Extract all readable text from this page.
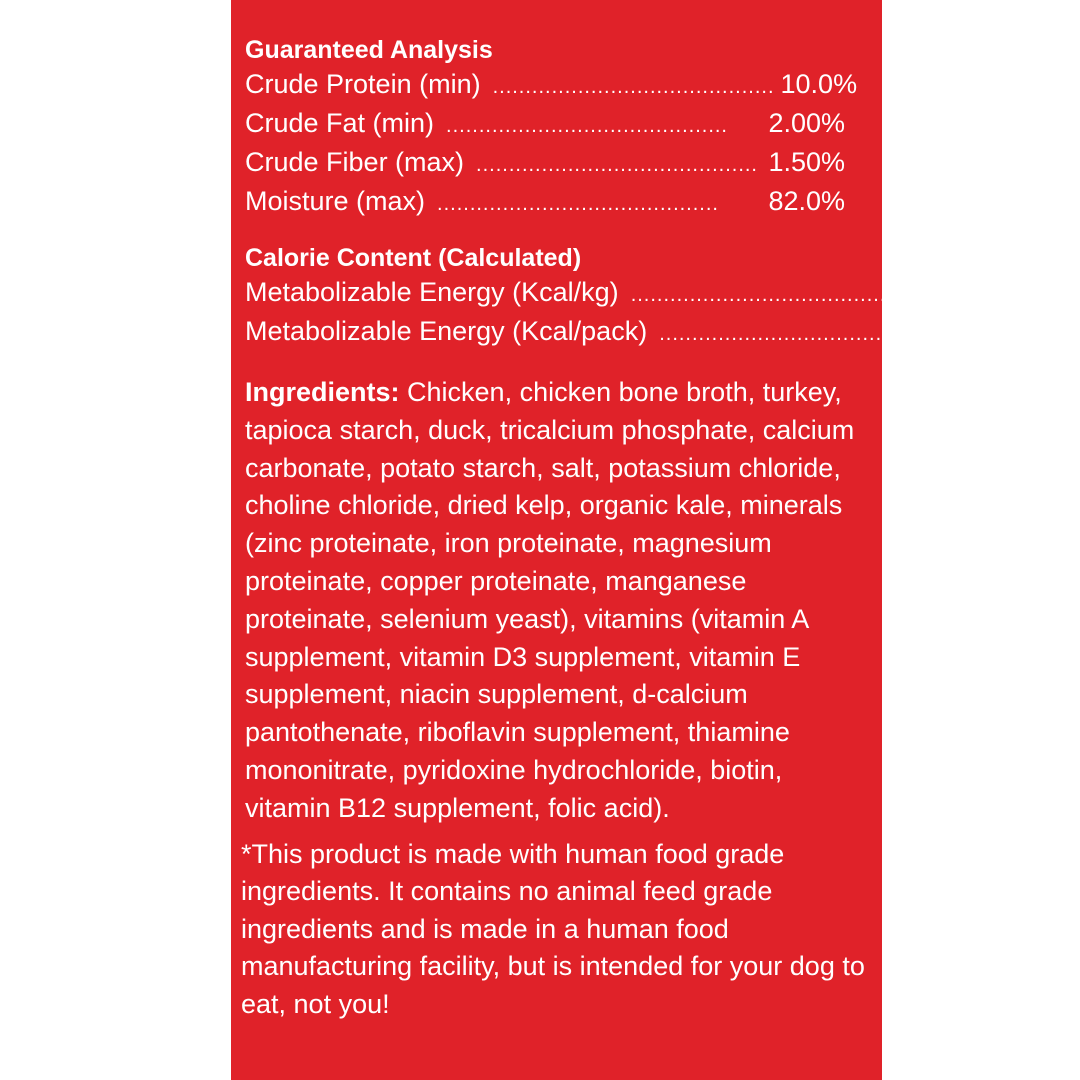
Guaranteed Analysis
Crude Protein (min) ........................................... 10.0%
Crude Fat (min) ...........................................	2.00%
Crude Fiber (max) ........................................... 1.50%
Moisture (max) ...........................................	82.0%
Calorie Content (Calculated)
Metabolizable Energy (Kcal/kg) ........................................... 759
Metabolizable Energy (Kcal/pack) ........................................... 236
Ingredients: Chicken, chicken bone broth, turkey, tapioca starch, duck, tricalcium phosphate, calcium carbonate, potato starch, salt, potassium chloride, choline chloride, dried kelp, organic kale, minerals (zinc proteinate, iron proteinate, magnesium proteinate, copper proteinate, manganese proteinate, selenium yeast), vitamins (vitamin A supplement, vitamin D3 supplement, vitamin E supplement, niacin supplement, d-calcium pantothenate, riboflavin supplement, thiamine mononitrate, pyridoxine hydrochloride, biotin, vitamin B12 supplement, folic acid).
*This product is made with human food grade ingredients. It contains no animal feed grade ingredients and is made in a human food manufacturing facility, but is intended for your dog to eat, not you!
